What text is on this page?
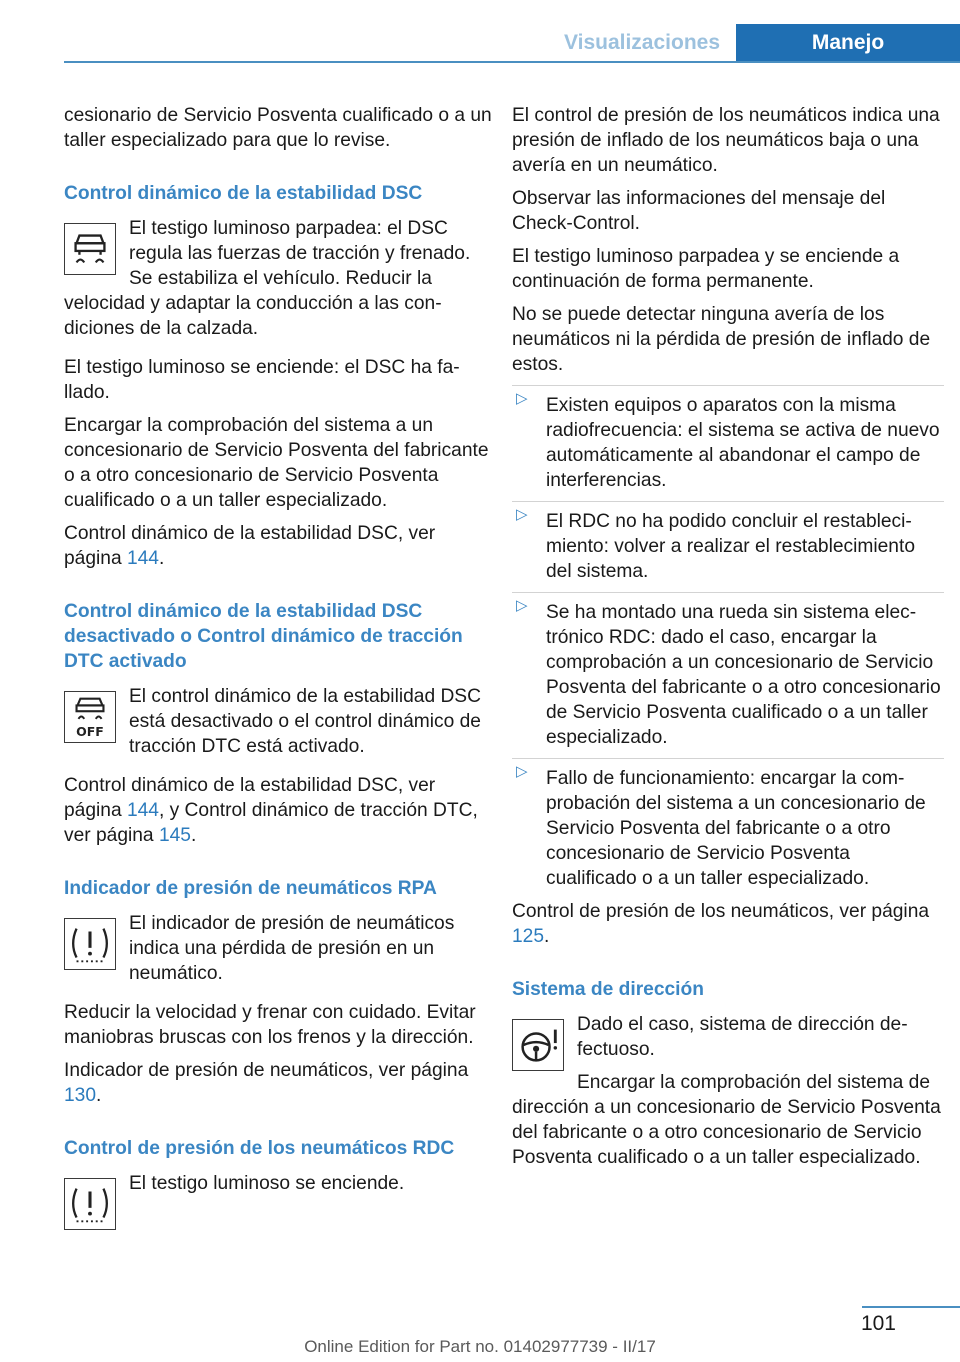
Visualizaciones	Manejo

cesionario de Servicio Posventa cualificado o a un taller especializado para que lo revise.

Control dinámico de la estabilidad DSC

El testigo luminoso parpadea: el DSC regula las fuerzas de tracción y frenado. Se estabiliza el vehículo. Reducir la velocidad y adaptar la conducción a las condiciones de la calzada.

El testigo luminoso se enciende: el DSC ha fallado.

Encargar la comprobación del sistema a un concesionario de Servicio Posventa del fabricante o a otro concesionario de Servicio Posventa cualificado o a un taller especializado.

Control dinámico de la estabilidad DSC, ver página 144.

Control dinámico de la estabilidad DSC desactivado o Control dinámico de tracción DTC activado
OFF

El control dinámico de la estabilidad DSC está desactivado o el control dinámico de tracción DTC está activado.

Control dinámico de la estabilidad DSC, ver página 144, y Control dinámico de tracción DTC, ver página 145.

Indicador de presión de neumáticos RPA

El indicador de presión de neumáticos indica una pérdida de presión en un neumático.

Reducir la velocidad y frenar con cuidado. Evitar maniobras bruscas con los frenos y la dirección.

Indicador de presión de neumáticos, ver página 130.

Control de presión de los neumáticos RDC

El testigo luminoso se enciende.

El control de presión de los neumáticos indica una presión de inflado de los neumáticos baja o una avería en un neumático.

Observar las informaciones del mensaje del Check-Control.

El testigo luminoso parpadea y se enciende a continuación de forma permanente.

No se puede detectar ninguna avería de los neumáticos ni la pérdida de presión de inflado de estos.

▷ Existen equipos o aparatos con la misma radiofrecuencia: el sistema se activa de nuevo automáticamente al abandonar el campo de interferencias.
▷ El RDC no ha podido concluir el restablecimiento: volver a realizar el restablecimiento del sistema.
▷ Se ha montado una rueda sin sistema electrónico RDC: dado el caso, encargar la comprobación a un concesionario de Servicio Posventa del fabricante o a otro concesionario de Servicio Posventa cualificado o a un taller especializado.
▷ Fallo de funcionamiento: encargar la comprobación del sistema a un concesionario de Servicio Posventa del fabricante o a otro concesionario de Servicio Posventa cualificado o a un taller especializado.

Control de presión de los neumáticos, ver página 125.

Sistema de dirección

Dado el caso, sistema de dirección defectuoso.

Encargar la comprobación del sistema de dirección a un concesionario de Servicio Posventa del fabricante o a otro concesionario de Servicio Posventa cualificado o a un taller especializado.

101
Online Edition for Part no. 01402977739 - II/17
